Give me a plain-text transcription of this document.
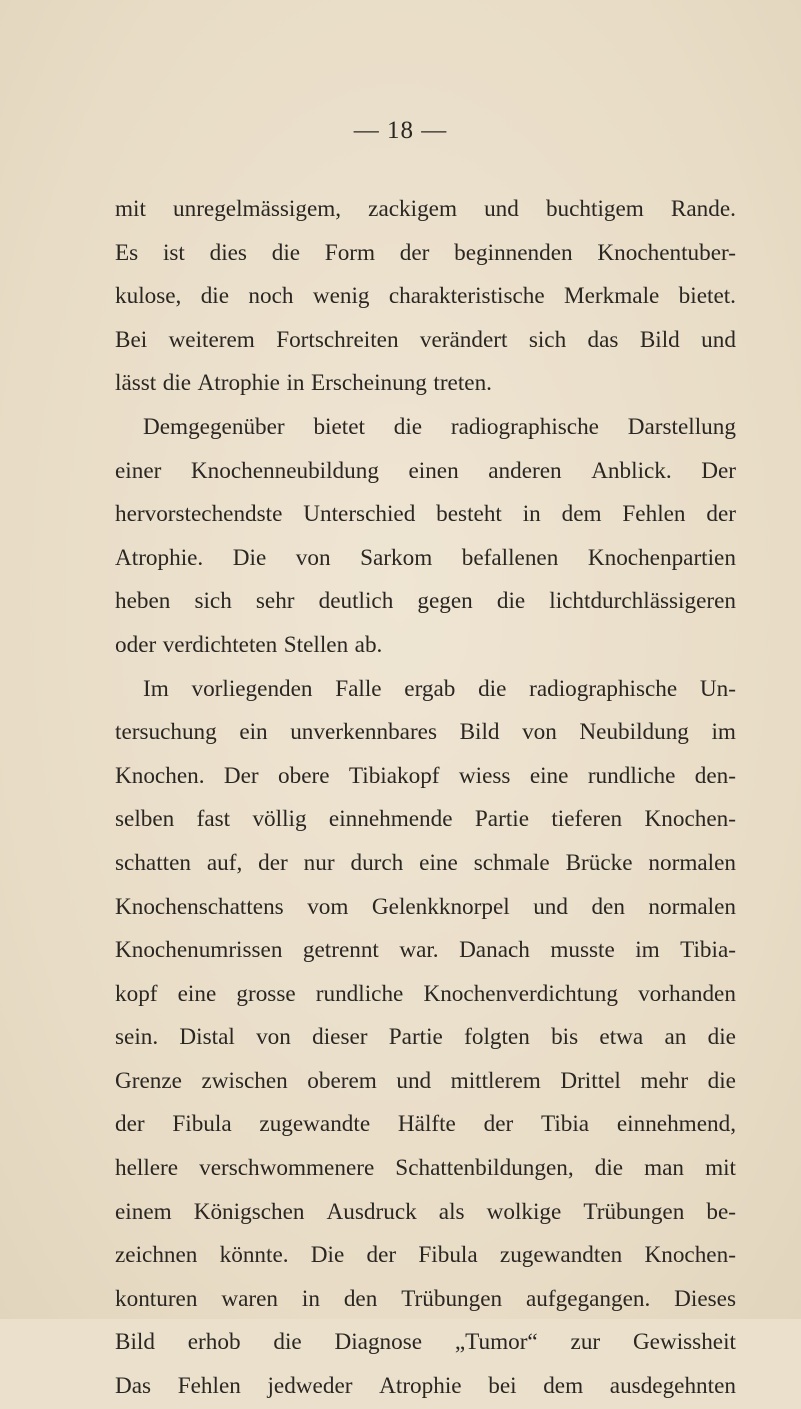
— 18 —
mit unregelmässigem, zackigem und buchtigem Rande.
Es ist dies die Form der beginnenden Knochentuber-
kulose, die noch wenig charakteristische Merkmale bietet.
Bei weiterem Fortschreiten verändert sich das Bild und
lässt die Atrophie in Erscheinung treten.
Demgegenüber bietet die radiographische Darstellung
einer Knochenneubildung einen anderen Anblick. Der
hervorstechendste Unterschied besteht in dem Fehlen der
Atrophie. Die von Sarkom befallenen Knochenpartien
heben sich sehr deutlich gegen die lichtdurchlässigeren
oder verdichteten Stellen ab.
Im vorliegenden Falle ergab die radiographische Un-
tersuchung ein unverkennbares Bild von Neubildung im
Knochen. Der obere Tibiakopf wiess eine rundliche den-
selben fast völlig einnehmende Partie tieferen Knochen-
schatten auf, der nur durch eine schmale Brücke normalen
Knochenschattens vom Gelenkknorpel und den normalen
Knochenumrissen getrennt war. Danach musste im Tibia-
kopf eine grosse rundliche Knochenverdichtung vorhanden
sein. Distal von dieser Partie folgten bis etwa an die
Grenze zwischen oberem und mittlerem Drittel mehr die
der Fibula zugewandte Hälfte der Tibia einnehmend,
hellere verschwommenere Schattenbildungen, die man mit
einem Königschen Ausdruck als wolkige Trübungen be-
zeichnen könnte. Die der Fibula zugewandten Knochen-
konturen waren in den Trübungen aufgegangen. Dieses
Bild erhob die Diagnose „Tumor“ zur Gewissheit
Das Fehlen jedweder Atrophie bei dem ausdegehnten
